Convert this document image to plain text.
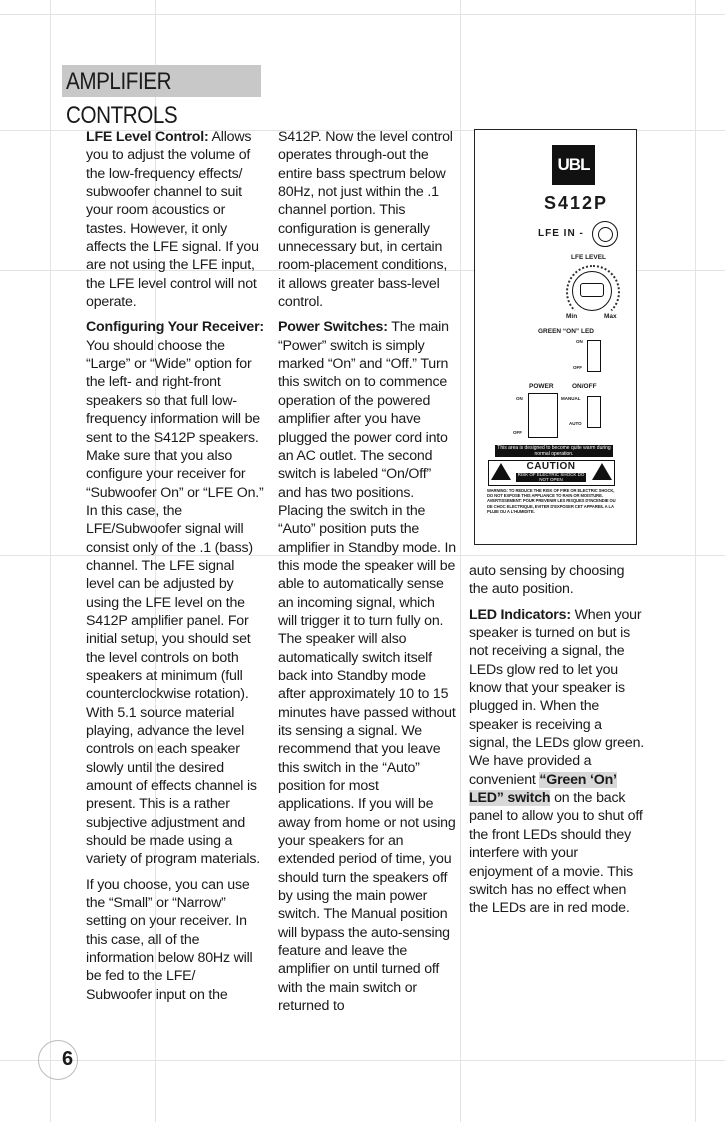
AMPLIFIER CONTROLS

LFE Level Control: Allows you to adjust the volume of the low-frequency effects/ subwoofer channel to suit your room acoustics or tastes. However, it only affects the LFE signal. If you are not using the LFE input, the LFE level control will not operate.

Configuring Your Receiver: You should choose the “Large” or “Wide” option for the left- and right-front speakers so that full low-frequency information will be sent to the S412P speakers. Make sure that you also configure your receiver for “Subwoofer On” or “LFE On.” In this case, the LFE/Subwoofer signal will consist only of the .1 (bass) channel. The LFE signal level can be adjusted by using the LFE level on the S412P amplifier panel. For initial setup, you should set the level controls on both speakers at minimum (full counterclockwise rotation). With 5.1 source material playing, advance the level controls on each speaker slowly until the desired amount of effects channel is present. This is a rather subjective adjustment and should be made using a variety of program materials.

If you choose, you can use the “Small” or “Narrow” setting on your receiver. In this case, all of the information below 80Hz will be fed to the LFE/ Subwoofer input on the

S412P. Now the level control operates through-out the entire bass spectrum below 80Hz, not just within the .1 channel portion. This configuration is generally unnecessary but, in certain room-placement conditions, it allows greater bass-level control.

Power Switches: The main “Power” switch is simply marked “On” and “Off.” Turn this switch on to commence operation of the powered amplifier after you have plugged the power cord into an AC outlet. The second switch is labeled “On/Off” and has two positions. Placing the switch in the “Auto” position puts the amplifier in Standby mode. In this mode the speaker will be able to automatically sense an incoming signal, which will trigger it to turn fully on. The speaker will also automatically switch itself back into Standby mode after approximately 10 to 15 minutes have passed without its sensing a signal. We recommend that you leave this switch in the “Auto” position for most applications. If you will be away from home or not using your speakers for an extended period of time, you should turn the speakers off by using the main power switch. The Manual position will bypass the auto-sensing feature and leave the amplifier on until turned off with the main switch or returned to

auto sensing by choosing the auto position.

LED Indicators: When your speaker is turned on but is not receiving a signal, the LEDs glow red to let you know that your speaker is plugged in. When the speaker is receiving a signal, the LEDs glow green. We have provided a convenient “Green ‘On’ LED” switch on the back panel to allow you to shut off the front LEDs should they interfere with your enjoyment of a movie. This switch has no effect when the LEDs are in red mode.

UBL
S412P
LFE IN -
LFE LEVEL
Min	Max
GREEN “ON” LED
ON
OFF
POWER	ON/OFF
ON
OFF
MANUAL
AUTO
This area is designed to become quite warm during normal operation.
CAUTION
RISK OF ELECTRIC SHOCK DO NOT OPEN
WARNING: TO REDUCE THE RISK OF FIRE OR ELECTRIC SHOCK, DO NOT EXPOSE THIS APPLIANCE TO RAIN OR MOISTURE. AVERTISSEMENT: POUR PREVENIR LES RISQUES D'INCENDIE OU DE CHOC ELECTRIQUE, EVITER D'EXPOSER CET APPAREIL A LA PLUIE OU A L'HUMIDITE.
6
